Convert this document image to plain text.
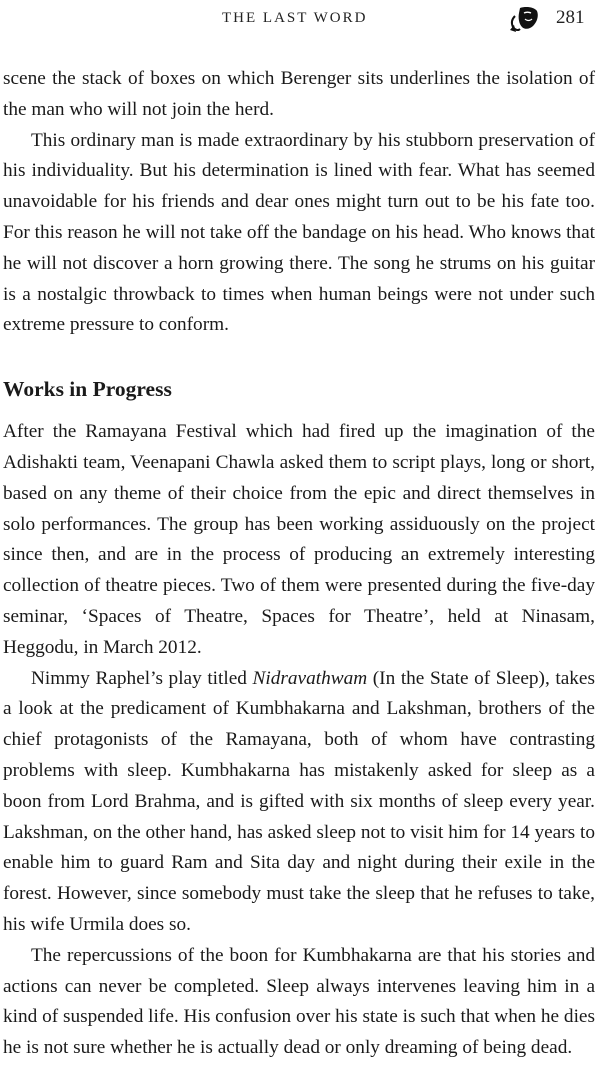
THE LAST WORD	281

scene the stack of boxes on which Berenger sits underlines the isolation of the man who will not join the herd.

This ordinary man is made extraordinary by his stubborn preservation of his individuality. But his determination is lined with fear. What has seemed unavoidable for his friends and dear ones might turn out to be his fate too. For this reason he will not take off the bandage on his head. Who knows that he will not discover a horn growing there. The song he strums on his guitar is a nostalgic throwback to times when human beings were not under such extreme pressure to conform.

Works in Progress

After the Ramayana Festival which had fired up the imagination of the Adishakti team, Veenapani Chawla asked them to script plays, long or short, based on any theme of their choice from the epic and direct themselves in solo performances. The group has been working assiduously on the project since then, and are in the process of producing an extremely interesting collection of theatre pieces. Two of them were presented during the five-day seminar, ‘Spaces of Theatre, Spaces for Theatre’, held at Ninasam, Heggodu, in March 2012.

Nimmy Raphel’s play titled Nidravathwam (In the State of Sleep), takes a look at the predicament of Kumbhakarna and Lakshman, brothers of the chief protagonists of the Ramayana, both of whom have contrasting problems with sleep. Kumbhakarna has mistakenly asked for sleep as a boon from Lord Brahma, and is gifted with six months of sleep every year. Lakshman, on the other hand, has asked sleep not to visit him for 14 years to enable him to guard Ram and Sita day and night during their exile in the forest. However, since somebody must take the sleep that he refuses to take, his wife Urmila does so.

The repercussions of the boon for Kumbhakarna are that his stories and actions can never be completed. Sleep always intervenes leaving him in a kind of suspended life. His confusion over his state is such that when he dies he is not sure whether he is actually dead or only dreaming of being dead.
